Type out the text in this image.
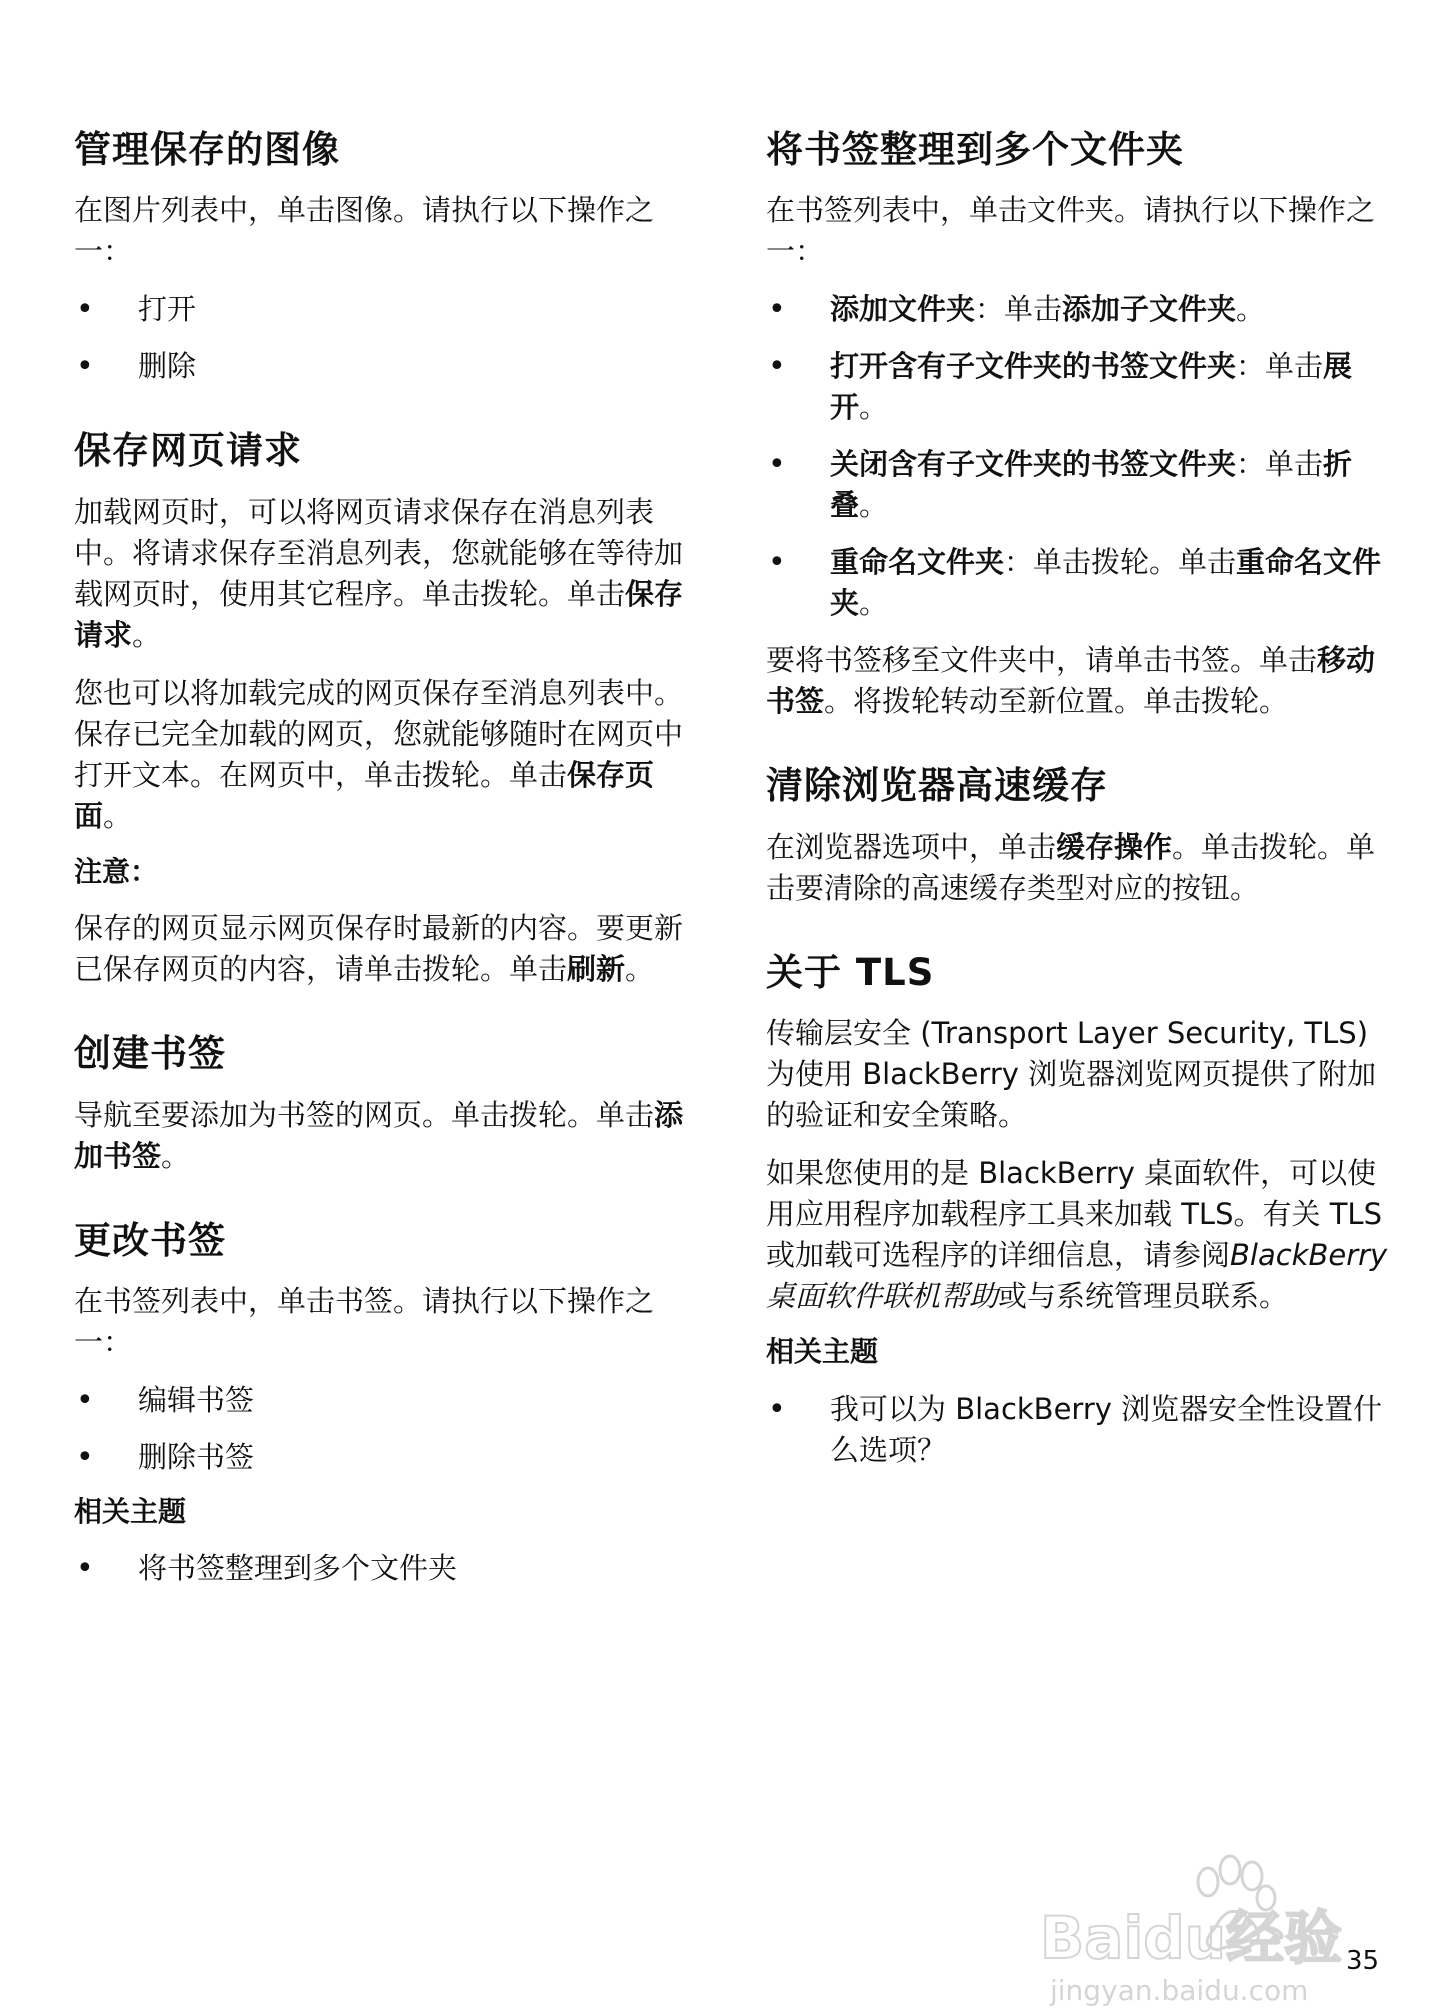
管理保存的图像

在图片列表中，单击图像。请执行以下操作之一：

• 打开
• 删除
保存网页请求

加载网页时，可以将网页请求保存在消息列表中。将请求保存至消息列表，您就能够在等待加载网页时，使用其它程序。单击拨轮。单击保存请求。

您也可以将加载完成的网页保存至消息列表中。保存已完全加载的网页，您就能够随时在网页中打开文本。在网页中，单击拨轮。单击保存页面。

注意：

保存的网页显示网页保存时最新的内容。要更新已保存网页的内容，请单击拨轮。单击刷新。

创建书签

导航至要添加为书签的网页。单击拨轮。单击添加书签。

更改书签

在书签列表中，单击书签。请执行以下操作之一：

• 编辑书签
• 删除书签
相关主题
• 将书签整理到多个文件夹
将书签整理到多个文件夹

在书签列表中，单击文件夹。请执行以下操作之一：

• 添加文件夹：单击添加子文件夹。
• 打开含有子文件夹的书签文件夹：单击展开。
• 关闭含有子文件夹的书签文件夹：单击折叠。
• 重命名文件夹：单击拨轮。单击重命名文件夹。

要将书签移至文件夹中，请单击书签。单击移动书签。将拨轮转动至新位置。单击拨轮。

清除浏览器高速缓存

在浏览器选项中，单击缓存操作。单击拨轮。单击要清除的高速缓存类型对应的按钮。

关于 TLS

传输层安全 (Transport Layer Security, TLS) 为使用 BlackBerry 浏览器浏览网页提供了附加的验证和安全策略。

如果您使用的是 BlackBerry 桌面软件，可以使用应用程序加载程序工具来加载 TLS。有关 TLS 或加载可选程序的详细信息，请参阅BlackBerry 桌面软件联机帮助或与系统管理员联系。

相关主题
• 我可以为 BlackBerry 浏览器安全性设置什么选项？
Baidu经验
jingyan.baidu.com
35
